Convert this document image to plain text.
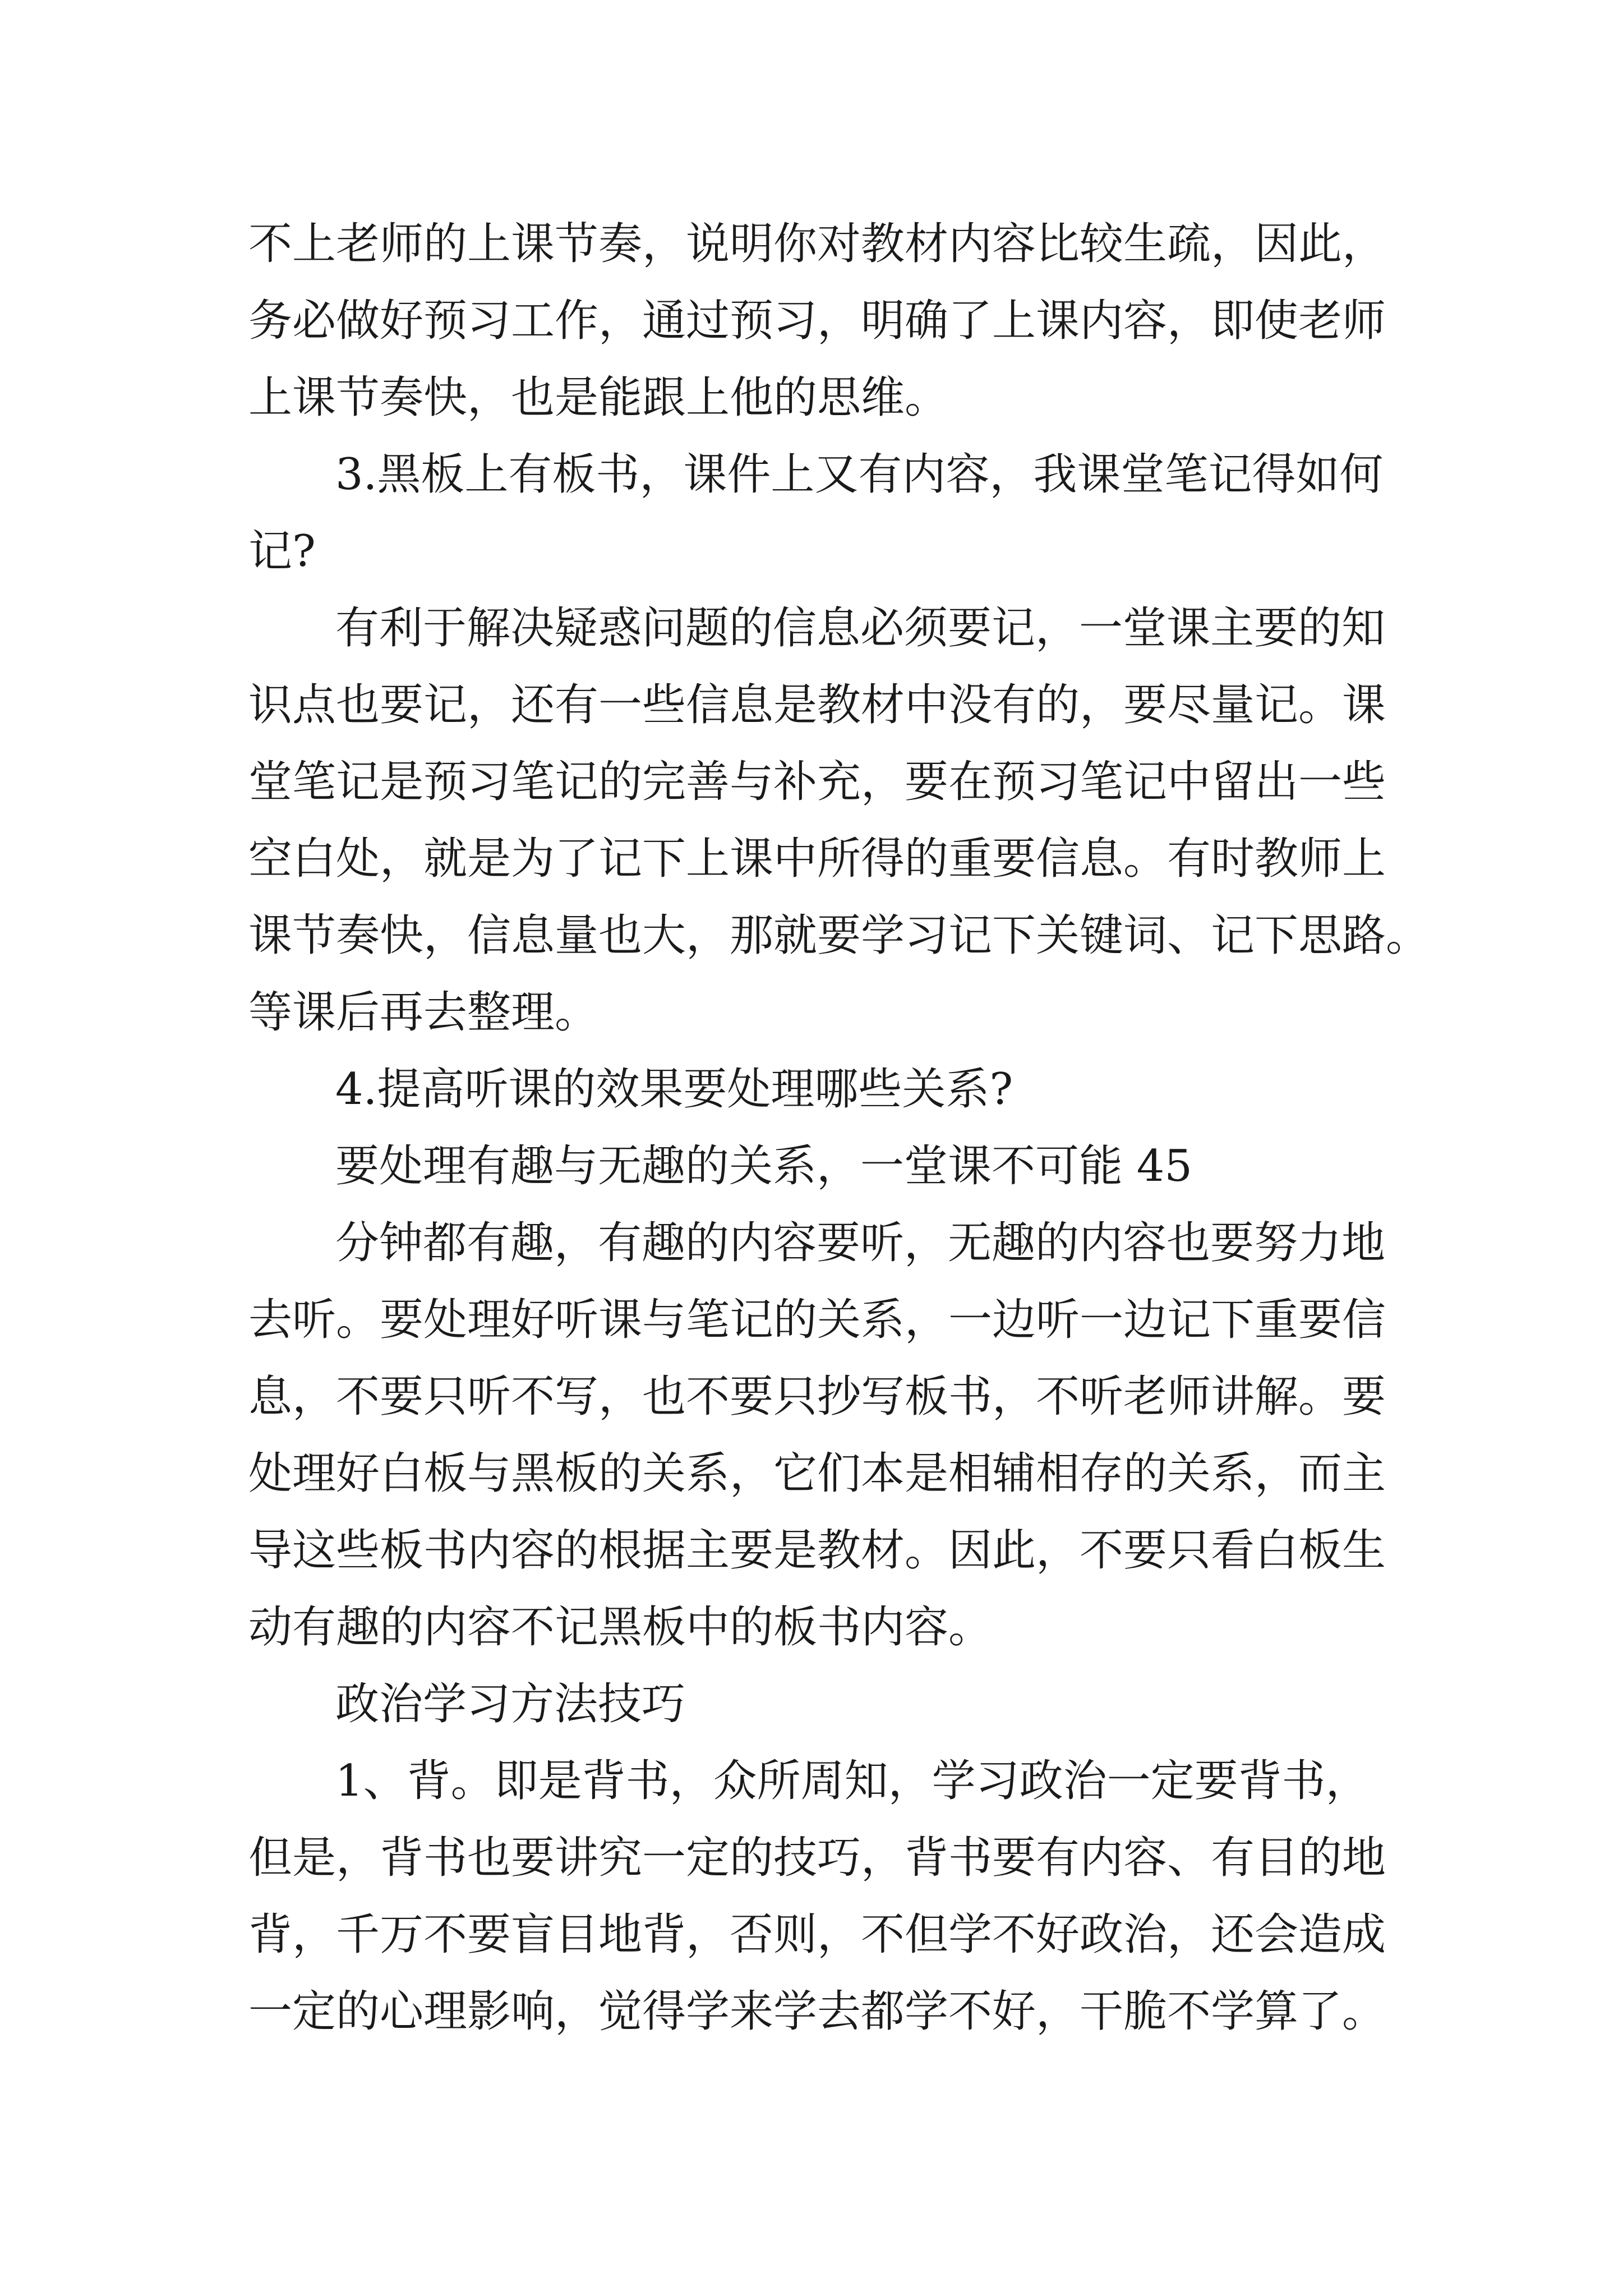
不上老师的上课节奏，说明你对教材内容比较生疏，因此，
务必做好预习工作，通过预习，明确了上课内容，即使老师
上课节奏快，也是能跟上他的思维。
3.黑板上有板书，课件上又有内容，我课堂笔记得如何
记?
有利于解决疑惑问题的信息必须要记，一堂课主要的知
识点也要记，还有一些信息是教材中没有的，要尽量记。课
堂笔记是预习笔记的完善与补充，要在预习笔记中留出一些
空白处，就是为了记下上课中所得的重要信息。有时教师上
课节奏快，信息量也大，那就要学习记下关键词、记下思路。
等课后再去整理。
4.提高听课的效果要处理哪些关系?
要处理有趣与无趣的关系，一堂课不可能 45
分钟都有趣，有趣的内容要听，无趣的内容也要努力地
去听。要处理好听课与笔记的关系，一边听一边记下重要信
息，不要只听不写，也不要只抄写板书，不听老师讲解。要
处理好白板与黑板的关系，它们本是相辅相存的关系，而主
导这些板书内容的根据主要是教材。因此，不要只看白板生
动有趣的内容不记黑板中的板书内容。
政治学习方法技巧
1、背。即是背书，众所周知，学习政治一定要背书，
但是，背书也要讲究一定的技巧，背书要有内容、有目的地
背，千万不要盲目地背，否则，不但学不好政治，还会造成
一定的心理影响，觉得学来学去都学不好，干脆不学算了。
